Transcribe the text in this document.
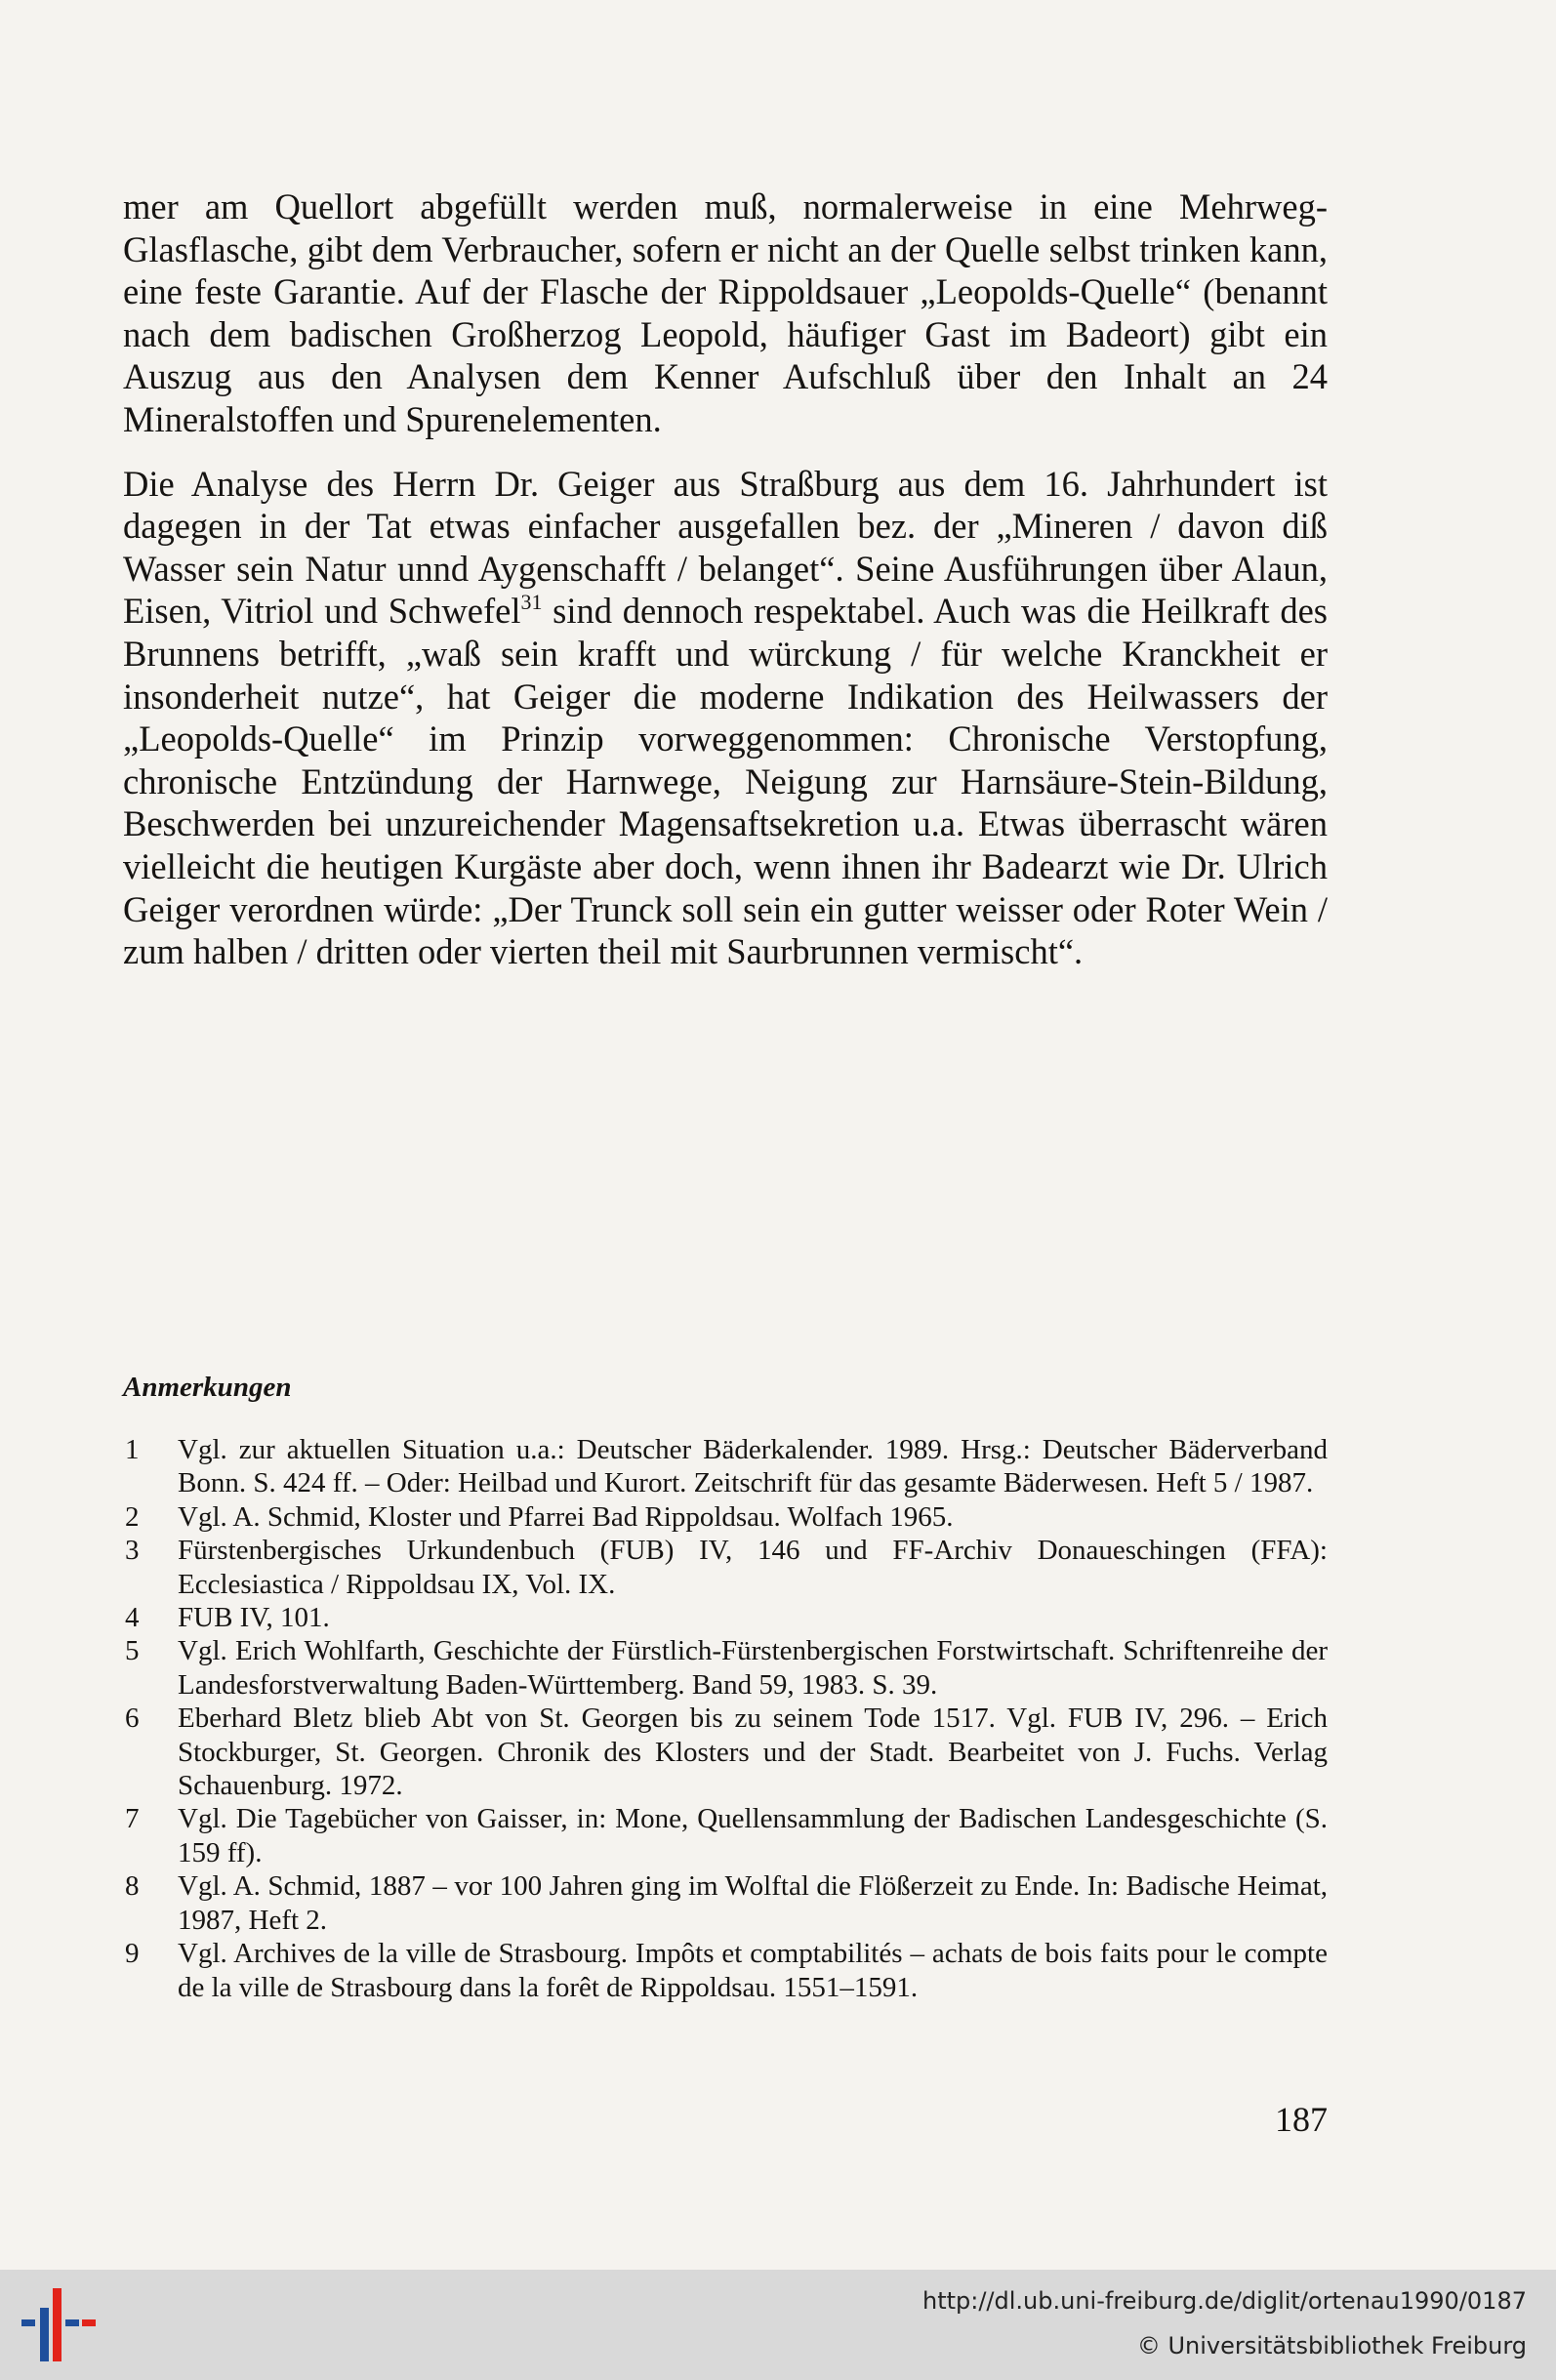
mer am Quellort abgefüllt werden muß, normalerweise in eine Mehrweg-Glasflasche, gibt dem Verbraucher, sofern er nicht an der Quelle selbst trinken kann, eine feste Garantie. Auf der Flasche der Rippoldsauer „Leopolds-Quelle“ (benannt nach dem badischen Großherzog Leopold, häufiger Gast im Badeort) gibt ein Auszug aus den Analysen dem Kenner Aufschluß über den Inhalt an 24 Mineralstoffen und Spurenelementen.

Die Analyse des Herrn Dr. Geiger aus Straßburg aus dem 16. Jahrhundert ist dagegen in der Tat etwas einfacher ausgefallen bez. der „Mineren / davon diß Wasser sein Natur unnd Aygenschafft / belanget“. Seine Ausführungen über Alaun, Eisen, Vitriol und Schwefel$^{31}$ sind dennoch respektabel. Auch was die Heilkraft des Brunnens betrifft, „waß sein krafft und würckung / für welche Kranckheit er insonderheit nutze“, hat Geiger die moderne Indikation des Heilwassers der „Leopolds-Quelle“ im Prinzip vorweggenommen: Chronische Verstopfung, chronische Entzündung der Harnwege, Neigung zur Harnsäure-Stein-Bildung, Beschwerden bei unzureichender Magensaftsekretion u.a. Etwas überrascht wären vielleicht die heutigen Kurgäste aber doch, wenn ihnen ihr Badearzt wie Dr. Ulrich Geiger verordnen würde: „Der Trunck soll sein ein gutter weisser oder Roter Wein / zum halben / dritten oder vierten theil mit Saurbrunnen vermischt“.

Anmerkungen
1	Vgl. zur aktuellen Situation u.a.: Deutscher Bäderkalender. 1989. Hrsg.: Deutscher Bäderverband Bonn. S. 424 ff. – Oder: Heilbad und Kurort. Zeitschrift für das gesamte Bäderwesen. Heft 5 / 1987.
2	Vgl. A. Schmid, Kloster und Pfarrei Bad Rippoldsau. Wolfach 1965.
3	Fürstenbergisches Urkundenbuch (FUB) IV, 146 und FF-Archiv Donaueschingen (FFA): Ecclesiastica / Rippoldsau IX, Vol. IX.
4	FUB IV, 101.
5	Vgl. Erich Wohlfarth, Geschichte der Fürstlich-Fürstenbergischen Forstwirtschaft. Schriftenreihe der Landesforstverwaltung Baden-Württemberg. Band 59, 1983. S. 39.
6	Eberhard Bletz blieb Abt von St. Georgen bis zu seinem Tode 1517. Vgl. FUB IV, 296. – Erich Stockburger, St. Georgen. Chronik des Klosters und der Stadt. Bearbeitet von J. Fuchs. Verlag Schauenburg. 1972.
7	Vgl. Die Tagebücher von Gaisser, in: Mone, Quellensammlung der Badischen Landesgeschichte (S. 159 ff).
8	Vgl. A. Schmid, 1887 – vor 100 Jahren ging im Wolftal die Flößerzeit zu Ende. In: Badische Heimat, 1987, Heft 2.
9	Vgl. Archives de la ville de Strasbourg. Impôts et comptabilités – achats de bois faits pour le compte de la ville de Strasbourg dans la forêt de Rippoldsau. 1551–1591.

187

http://dl.ub.uni-freiburg.de/diglit/ortenau1990/0187
© Universitätsbibliothek Freiburg
